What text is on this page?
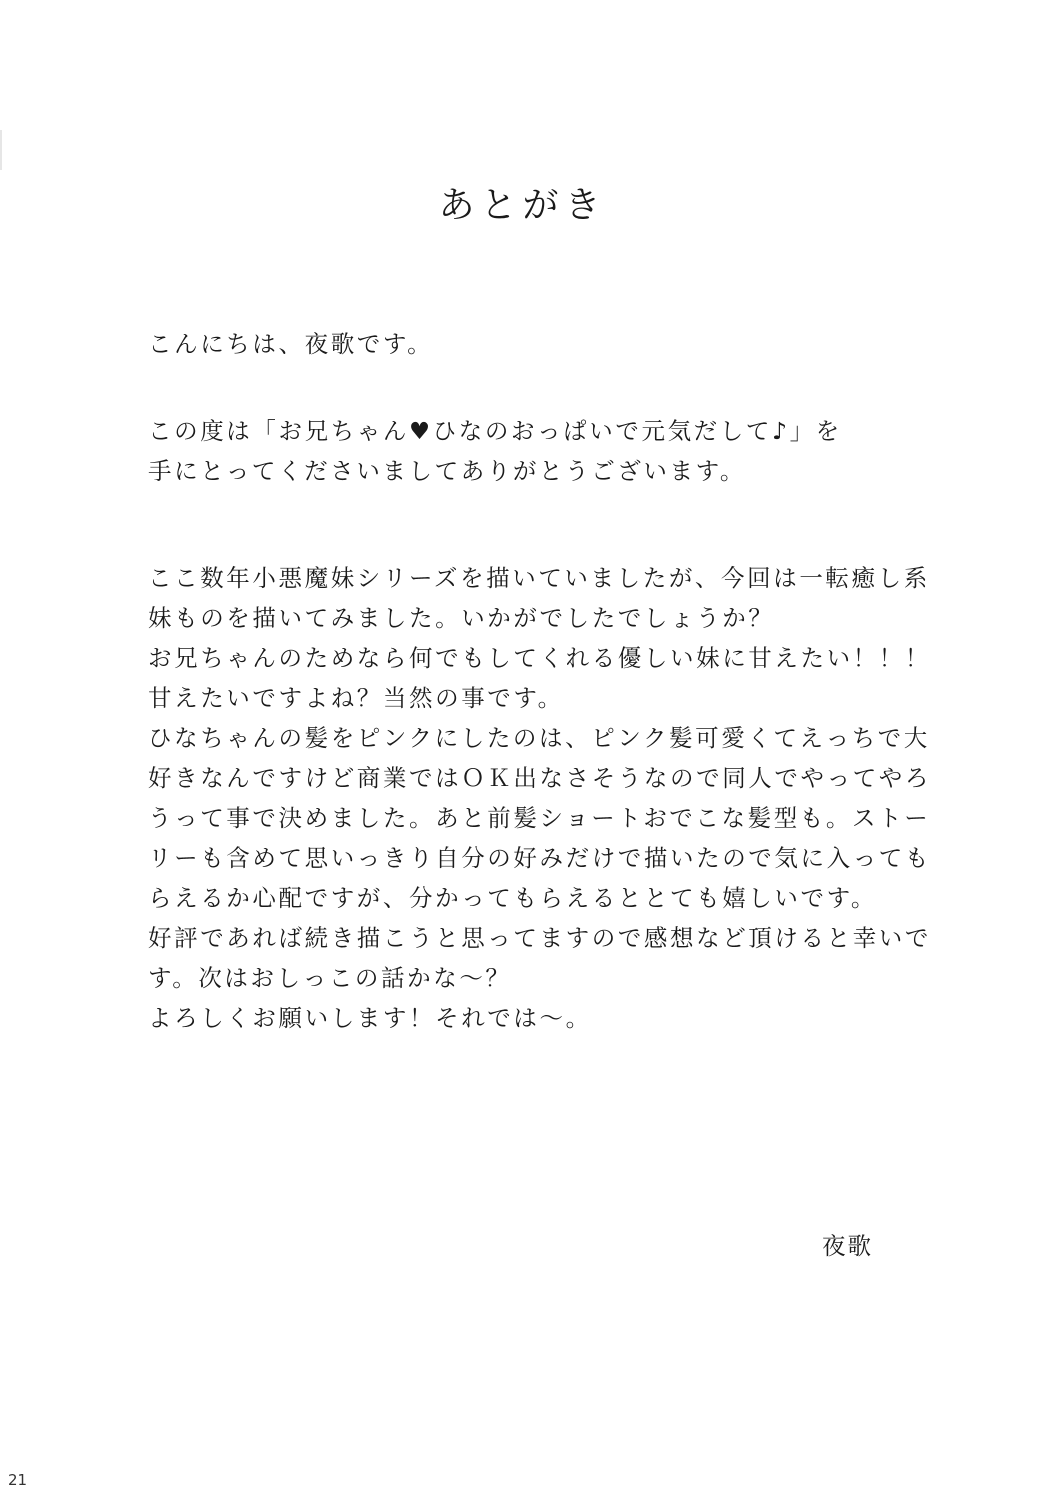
あとがき
こんにちは、夜歌です。
この度は「お兄ちゃん♥ひなのおっぱいで元気だして♪」を
手にとってくださいましてありがとうございます。
ここ数年小悪魔妹シリーズを描いていましたが、今回は一転癒し系
妹ものを描いてみました。いかがでしたでしょうか？
お兄ちゃんのためなら何でもしてくれる優しい妹に甘えたい！！！
甘えたいですよね？当然の事です。
ひなちゃんの髪をピンクにしたのは、ピンク髪可愛くてえっちで大
好きなんですけど商業ではＯＫ出なさそうなので同人でやってやろ
うって事で決めました。あと前髪ショートおでこな髪型も。ストー
リーも含めて思いっきり自分の好みだけで描いたので気に入っても
らえるか心配ですが、分かってもらえるととても嬉しいです。
好評であれば続き描こうと思ってますので感想など頂けると幸いで
す。次はおしっこの話かな～？
よろしくお願いします！それでは～。
夜歌
21
